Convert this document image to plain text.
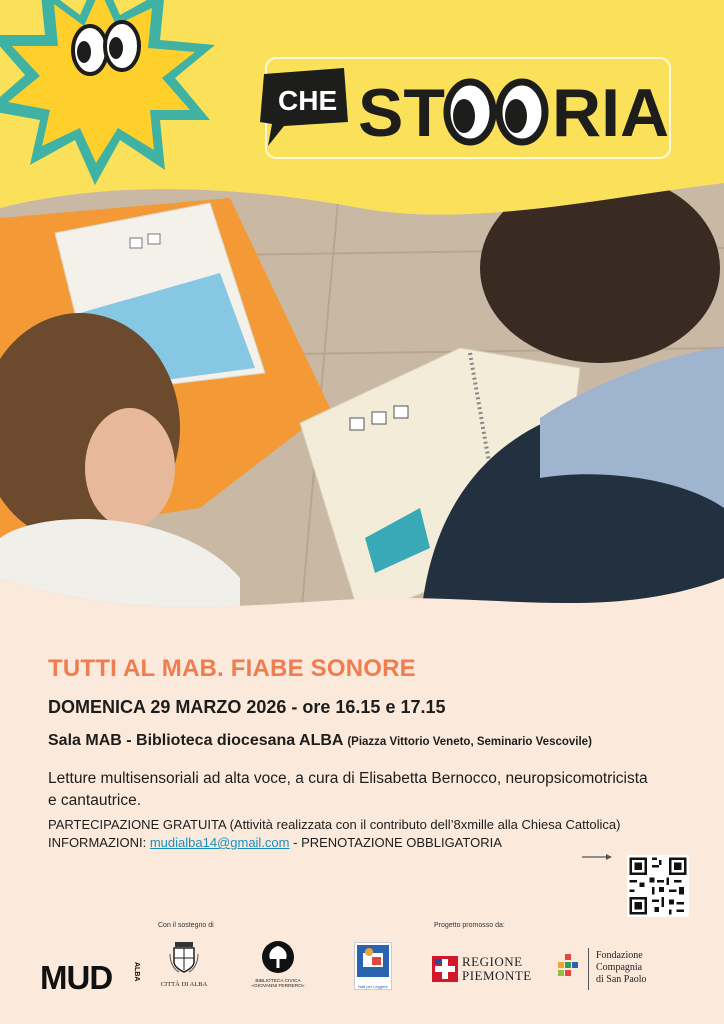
CHE ST RIA
TUTTI AL MAB. FIABE SONORE
DOMENICA 29 MARZO 2026 - ore 16.15 e 17.15
Sala MAB - Biblioteca diocesana ALBA (Piazza Vittorio Veneto, Seminario Vescovile)
Letture multisensoriali ad alta voce, a cura di Elisabetta Bernocco, neuropsicomotricista e cantautrice.
PARTECIPAZIONE GRATUITA (Attività realizzata con il contributo dell’8xmille alla Chiesa Cattolica)
INFORMAZIONI: mudialba14@gmail.com - PRENOTAZIONE OBBLIGATORIA
Con il sostegno di	Progetto promosso da:
MUD	ALBA
CITTÀ DI ALBA	BIBLIOTECA CIVICA
«GIOVANNI FERRERO»	Nati per Leggere
REGIONE
PIEMONTE
Fondazione
Compagnia
di San Paolo
